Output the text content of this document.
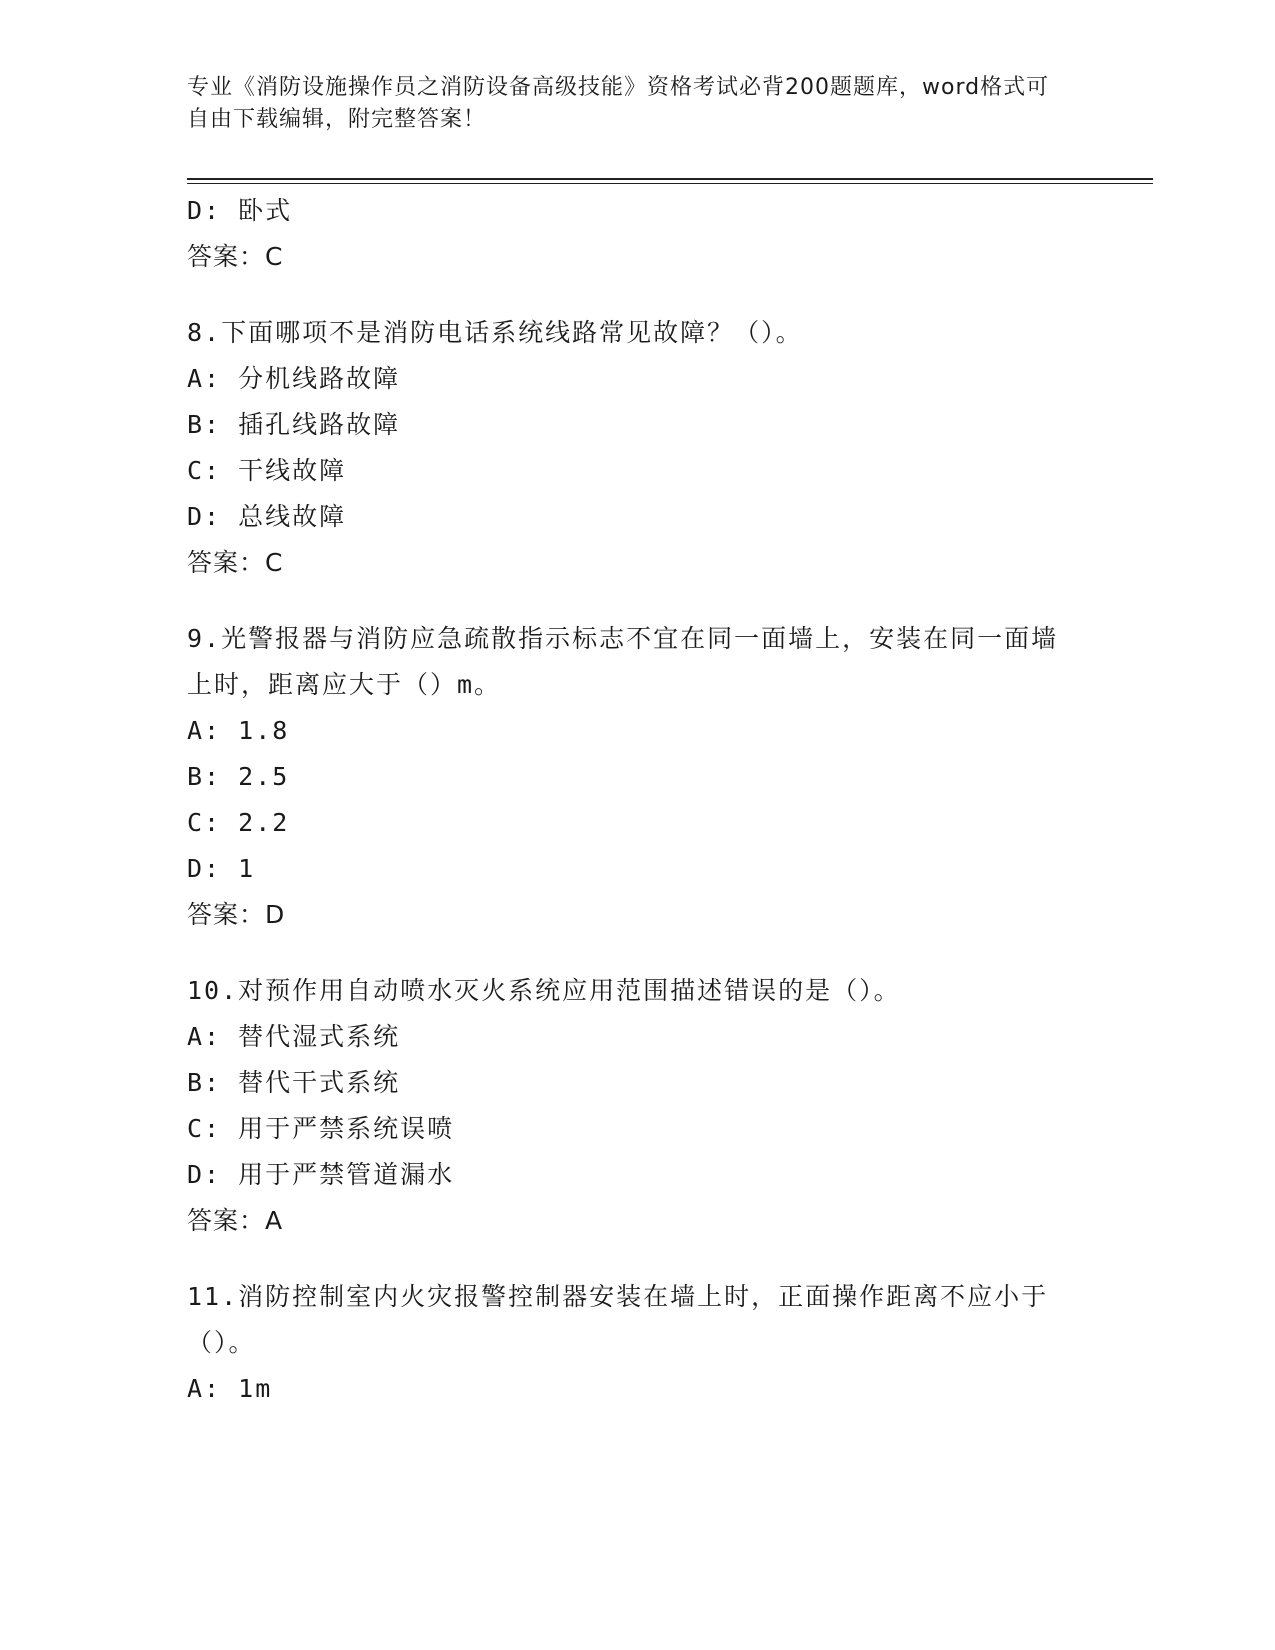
专业《消防设施操作员之消防设备高级技能》资格考试必背200题题库，word格式可自由下载编辑，附完整答案！
D: 卧式
答案：C
8.下面哪项不是消防电话系统线路常见故障？（）。
A: 分机线路故障
B: 插孔线路故障
C: 干线故障
D: 总线故障
答案：C
9.光警报器与消防应急疏散指示标志不宜在同一面墙上，安装在同一面墙上时，距离应大于（）m。
A: 1.8
B: 2.5
C: 2.2
D: 1
答案：D
10.对预作用自动喷水灭火系统应用范围描述错误的是（）。
A: 替代湿式系统
B: 替代干式系统
C: 用于严禁系统误喷
D: 用于严禁管道漏水
答案：A
11.消防控制室内火灾报警控制器安装在墙上时，正面操作距离不应小于（）。
A: 1m
